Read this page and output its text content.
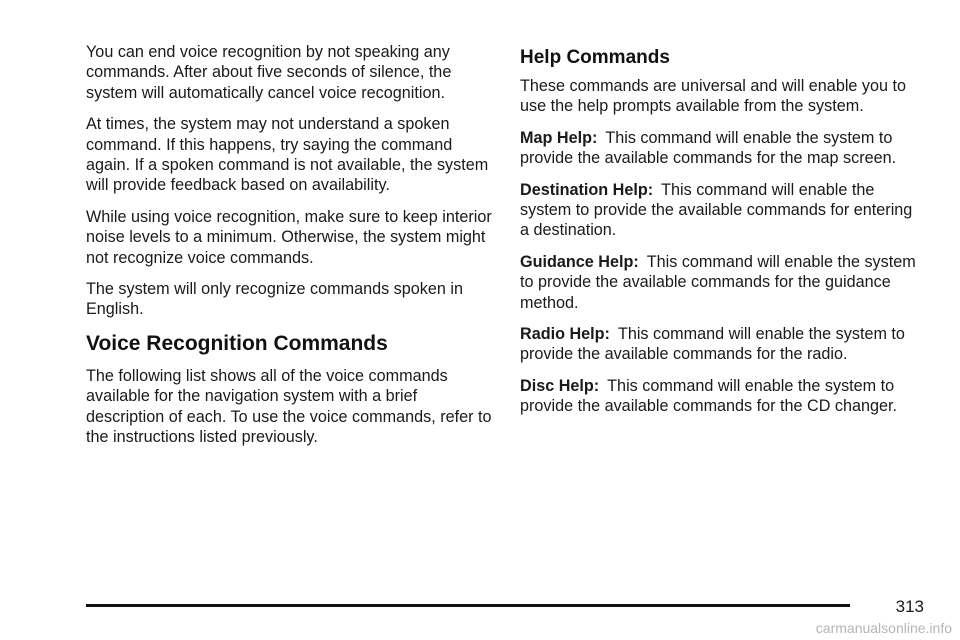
You can end voice recognition by not speaking any commands. After about five seconds of silence, the system will automatically cancel voice recognition.

At times, the system may not understand a spoken command. If this happens, try saying the command again. If a spoken command is not available, the system will provide feedback based on availability.

While using voice recognition, make sure to keep interior noise levels to a minimum. Otherwise, the system might not recognize voice commands.

The system will only recognize commands spoken in English.

Voice Recognition Commands

The following list shows all of the voice commands available for the navigation system with a brief description of each. To use the voice commands, refer to the instructions listed previously.

Help Commands

These commands are universal and will enable you to use the help prompts available from the system.

Map Help: This command will enable the system to provide the available commands for the map screen.

Destination Help: This command will enable the system to provide the available commands for entering a destination.

Guidance Help: This command will enable the system to provide the available commands for the guidance method.

Radio Help: This command will enable the system to provide the available commands for the radio.

Disc Help: This command will enable the system to provide the available commands for the CD changer.

313
carmanualsonline.info
